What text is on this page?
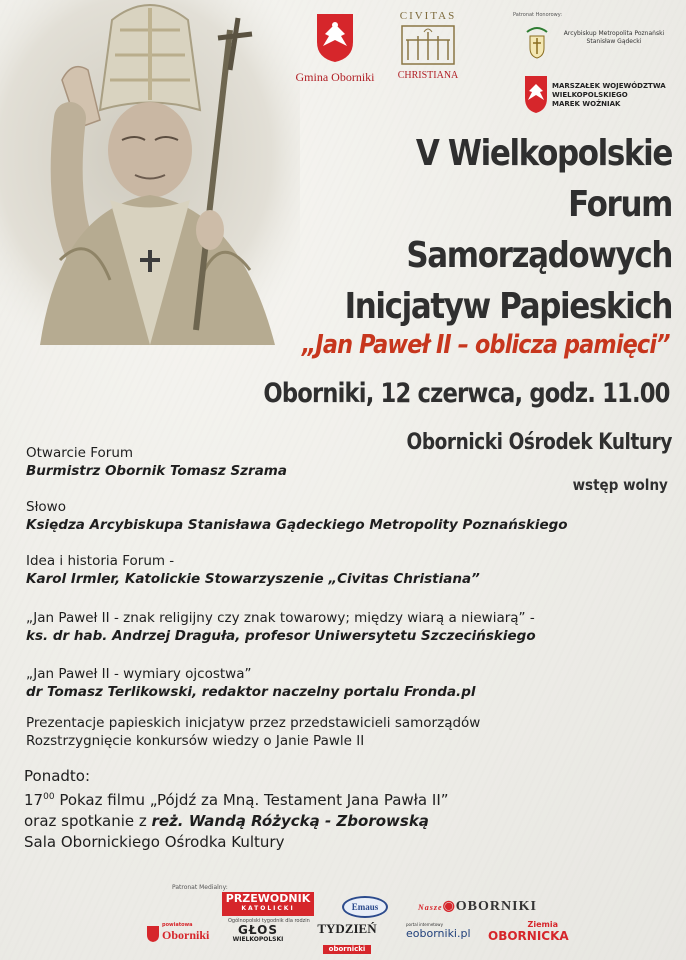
Gmina Oborniki
CIVITAS
CHRISTIANA
Patronat Honorowy:
Arcybiskup Metropolita Poznański Stanisław Gądecki
MARSZAŁEK WOJEWÓDZTWA
WIELKOPOLSKIEGO
MAREK WOŹNIAK
V Wielkopolskie
Forum Samorządowych
Inicjatyw Papieskich
„Jan Paweł II – oblicza pamięci”
Oborniki, 12 czerwca, godz. 11.00
Obornicki Ośrodek Kultury
wstęp wolny
Otwarcie Forum
Burmistrz Obornik Tomasz Szrama
Słowo
Księdza Arcybiskupa Stanisława Gądeckiego Metropolity Poznańskiego
Idea i historia Forum -
Karol Irmler, Katolickie Stowarzyszenie „Civitas Christiana”
„Jan Paweł II - znak religijny czy znak towarowy; między wiarą a niewiarą” -
ks. dr hab. Andrzej Draguła, profesor Uniwersytetu Szczecińskiego
„Jan Paweł II - wymiary ojcostwa”
dr Tomasz Terlikowski, redaktor naczelny portalu Fronda.pl
Prezentacje papieskich inicjatyw przez przedstawicieli samorządów
Rozstrzygnięcie konkursów wiedzy o Janie Pawle II
Ponadto:
$17^{00}$ Pokaz filmu „Pójdź za Mną. Testament Jana Pawła II”
oraz spotkanie z reż. Wandą Różycką - Zborowską
Sala Obornickiego Ośrodka Kultury
Patronat Medialny:
PRZEWODNIK
KATOLICKI
Ogólnopolski tygodnik dla rodzin
Emaus	Nasze◉OBORNIKI
powiatowa
Oborniki	GŁOS
WIELKOPOLSKI
TYDZIEŃ
obornicki
portal internetowy
eoborniki.pl
Ziemia
OBORNICKA
